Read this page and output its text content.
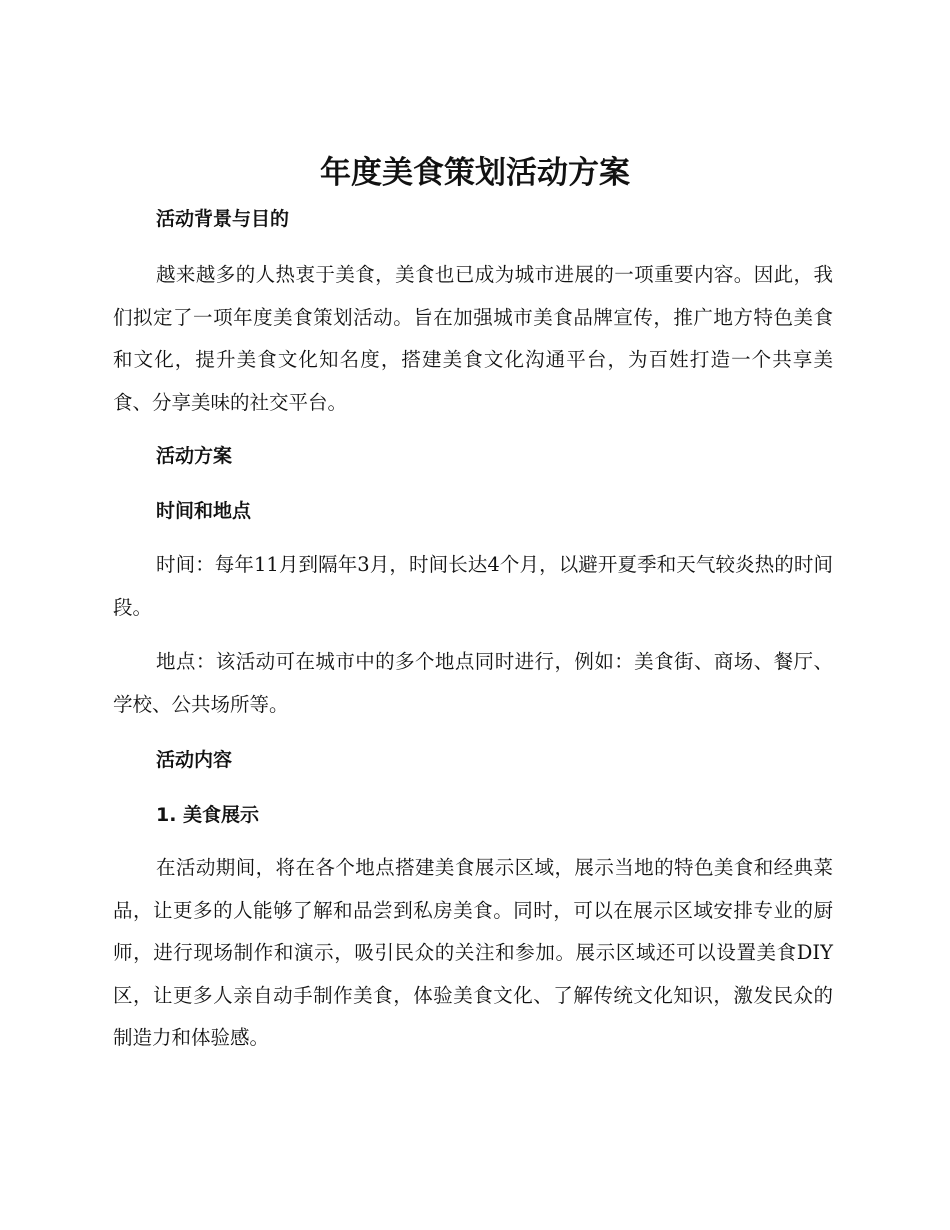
年度美食策划活动方案
活动背景与目的

越来越多的人热衷于美食，美食也已成为城市进展的一项重要内容。因此，我们拟定了一项年度美食策划活动。旨在加强城市美食品牌宣传，推广地方特色美食和文化，提升美食文化知名度，搭建美食文化沟通平台，为百姓打造一个共享美食、分享美味的社交平台。

活动方案
时间和地点

时间：每年11月到隔年3月，时间长达4个月，以避开夏季和天气较炎热的时间段。

地点：该活动可在城市中的多个地点同时进行，例如：美食街、商场、餐厅、学校、公共场所等。

活动内容
1. 美食展示

在活动期间，将在各个地点搭建美食展示区域，展示当地的特色美食和经典菜品，让更多的人能够了解和品尝到私房美食。同时，可以在展示区域安排专业的厨师，进行现场制作和演示，吸引民众的关注和参加。展示区域还可以设置美食DIY区，让更多人亲自动手制作美食，体验美食文化、了解传统文化知识，激发民众的制造力和体验感。
